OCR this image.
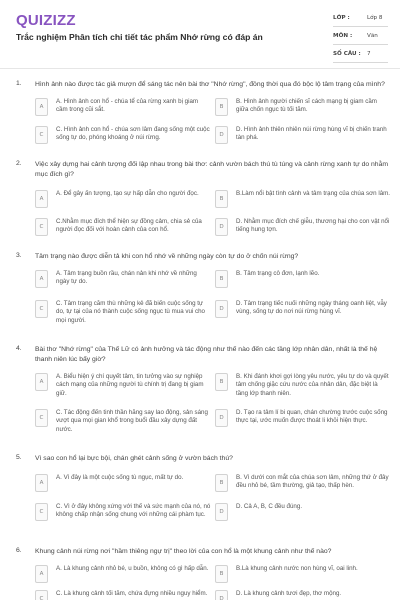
QUIZIZZ
Trắc nghiệm Phân tích chi tiết tác phẩm Nhớ rừng có đáp án
LỚP :	Lớp 8
MÔN :	Văn
SỐ CÂU : 7
1. Hình ảnh nào được tác giả mượn để sáng tác nên bài thơ "Nhớ rừng", đồng thời qua đó bộc lộ tâm trạng của mình?
A
A. Hình ảnh con hổ - chúa tể của rừng xanh bị giam cầm trong cũi sắt.	B
B. Hình ảnh người chiến sĩ cách mạng bị giam cầm giữa chốn ngục tù tối tăm.
C
C. Hình ảnh con hổ - chúa sơn lâm đang sống một cuộc sống tự do, phóng khoáng ở núi rừng.	D
D. Hình ảnh thiên nhiên núi rừng hùng vĩ bị chiến tranh tàn phá.
2. Việc xây dựng hai cảnh tượng đối lập nhau trong bài thơ: cảnh vườn bách thú tù túng và cảnh rừng xanh tự do nhằm mục đích gì?
A
A. Để gây ấn tượng, tạo sự hấp dẫn cho người đọc.
B
B.Làm nổi bật tình cảnh và tâm trạng của chúa sơn lâm.
C
C.Nhằm mục đích thể hiện sự đồng cảm, chia sẻ của người đọc đối với hoàn cảnh của con hổ.	D
D. Nhằm mục đích chế giễu, thương hại cho con vật nổi tiếng hung tợn.
3. Tâm trạng nào được diễn tả khi con hổ nhớ về những ngày còn tự do ở chốn núi rừng?
A
A. Tâm trạng buồn rầu, chán nản khi nhớ về những ngày tự do.	B
B. Tâm trạng cô đơn, lạnh lẽo.
C
C. Tâm trạng căm thù những kẻ đã biến cuộc sống tự do, tự tại của nó thành cuộc sống ngục tù mua vui cho mọi người.
D
D. Tâm trạng tiếc nuối những ngày tháng oanh liệt, vẫy vùng, sống tự do nơi núi rừng hùng vĩ.
4. Bài thơ "Nhớ rừng" của Thế Lữ có ảnh hưởng và tác động như thế nào đến các tầng lớp nhân dân, nhất là thế hệ thanh niên lúc bấy giờ?
A
A. Biểu hiện ý chí quyết tâm, tin tưởng vào sự nghiệp cách mạng của những người tù chính trị đang bị giam giữ.
B
B. Khi đánh khơi gợi lòng yêu nước, yêu tự do và quyết tâm chống giặc cứu nước của nhân dân, đặc biệt là tầng lớp thanh niên.
C
C. Tác động đến tinh thần hăng say lao động, sản sáng vượt qua mọi gian khổ trong buổi đầu xây dựng đất nước.
D
D. Tạo ra tâm lí bi quan, chán chường trước cuộc sống thực tại, ước muốn được thoát li khỏi hiện thực.
5. Vì sao con hổ lại bực bội, chán ghét cảnh sống ở vườn bách thú?
A
A. Vì đây là một cuộc sống tù ngục, mất tự do.
B
B. Vì dưới con mắt của chúa sơn lâm, những thứ ở đây đều nhỏ bé, tầm thường, giả tạo, thấp hèn.
C
C. Vì ở đây không xứng với thế và sức mạnh của nó, nó không chấp nhận sống chung với những cái phàm tục.	D
D. Cả A, B, C đều đúng.
6. Khung cảnh núi rừng nơi "hầm thiêng ngự trị" theo lời của con hổ là một khung cảnh như thế nào?
A
A. Là khung cảnh nhỏ bé, u buồn, không có gì hấp dẫn.
B
B.Là khung cảnh nước non hùng vĩ, oai linh.
C
C. Là khung cảnh tối tăm, chứa đựng nhiều nguy hiểm.
D
D. Là khung cảnh tươi đẹp, thơ mộng.
